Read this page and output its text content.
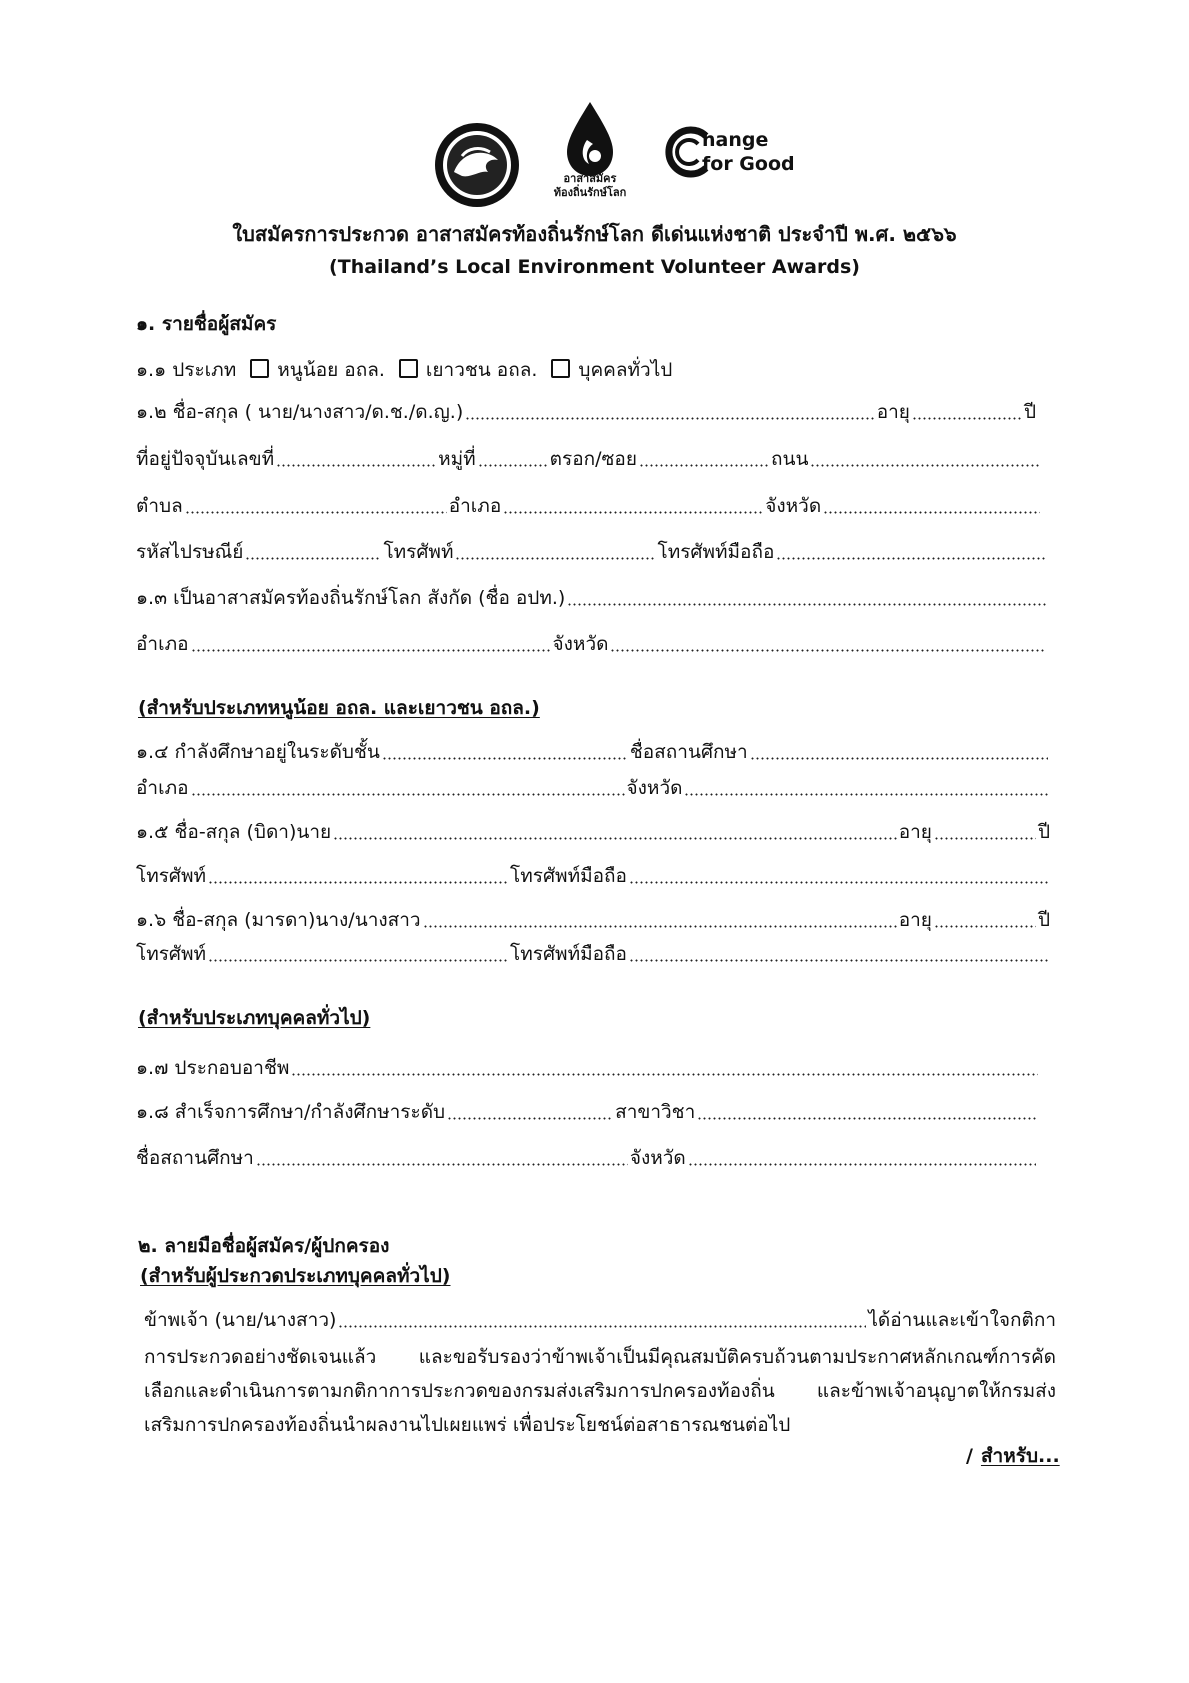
อาสาสมัคร
ท้องถิ่นรักษ์โลก
hange
for Good
ใบสมัครการประกวด อาสาสมัครท้องถิ่นรักษ์โลก ดีเด่นแห่งชาติ ประจำปี พ.ศ. ๒๕๖๖
(Thailand’s Local Environment Volunteer Awards)
๑. รายชื่อผู้สมัคร
๑.๑ ประเภท หนูน้อย อถล. เยาวชน อถล. บุคคลทั่วไป
๑.๒ ชื่อ-สกุล ( นาย/นางสาว/ด.ช./ด.ญ.)	อายุ	ปี
ที่อยู่ปัจจุบันเลขที่	หมู่ที่	ตรอก/ซอย	ถนน
ตำบล	อำเภอ	จังหวัด
รหัสไปรษณีย์	โทรศัพท์	โทรศัพท์มือถือ
๑.๓ เป็นอาสาสมัครท้องถิ่นรักษ์โลก สังกัด (ชื่อ อปท.)
อำเภอ	จังหวัด
(สำหรับประเภทหนูน้อย อถล. และเยาวชน อถล.)
๑.๔ กำลังศึกษาอยู่ในระดับชั้น	ชื่อสถานศึกษา
อำเภอ	จังหวัด
๑.๕ ชื่อ-สกุล (บิดา)นาย	อายุ	ปี
โทรศัพท์	โทรศัพท์มือถือ
๑.๖ ชื่อ-สกุล (มารดา)นาง/นางสาว	อายุ	ปี
โทรศัพท์	โทรศัพท์มือถือ
(สำหรับประเภทบุคคลทั่วไป)
๑.๗ ประกอบอาชีพ
๑.๘ สำเร็จการศึกษา/กำลังศึกษาระดับ	สาขาวิชา
ชื่อสถานศึกษา	จังหวัด
๒. ลายมือชื่อผู้สมัคร/ผู้ปกครอง
(สำหรับผู้ประกวดประเภทบุคคลทั่วไป)
ข้าพเจ้า (นาย/นางสาว)	ได้อ่านและเข้าใจกติกา
การประกวดอย่างชัดเจนแล้ว และขอรับรองว่าข้าพเจ้าเป็นมีคุณสมบัติครบถ้วนตามประกาศหลักเกณฑ์การคัดเลือกและดำเนินการตามกติกาการประกวดของกรมส่งเสริมการปกครองท้องถิ่น และข้าพเจ้าอนุญาตให้กรมส่งเสริมการปกครองท้องถิ่นนำผลงานไปเผยแพร่ เพื่อประโยชน์ต่อสาธารณชนต่อไป
/ สำหรับ...
